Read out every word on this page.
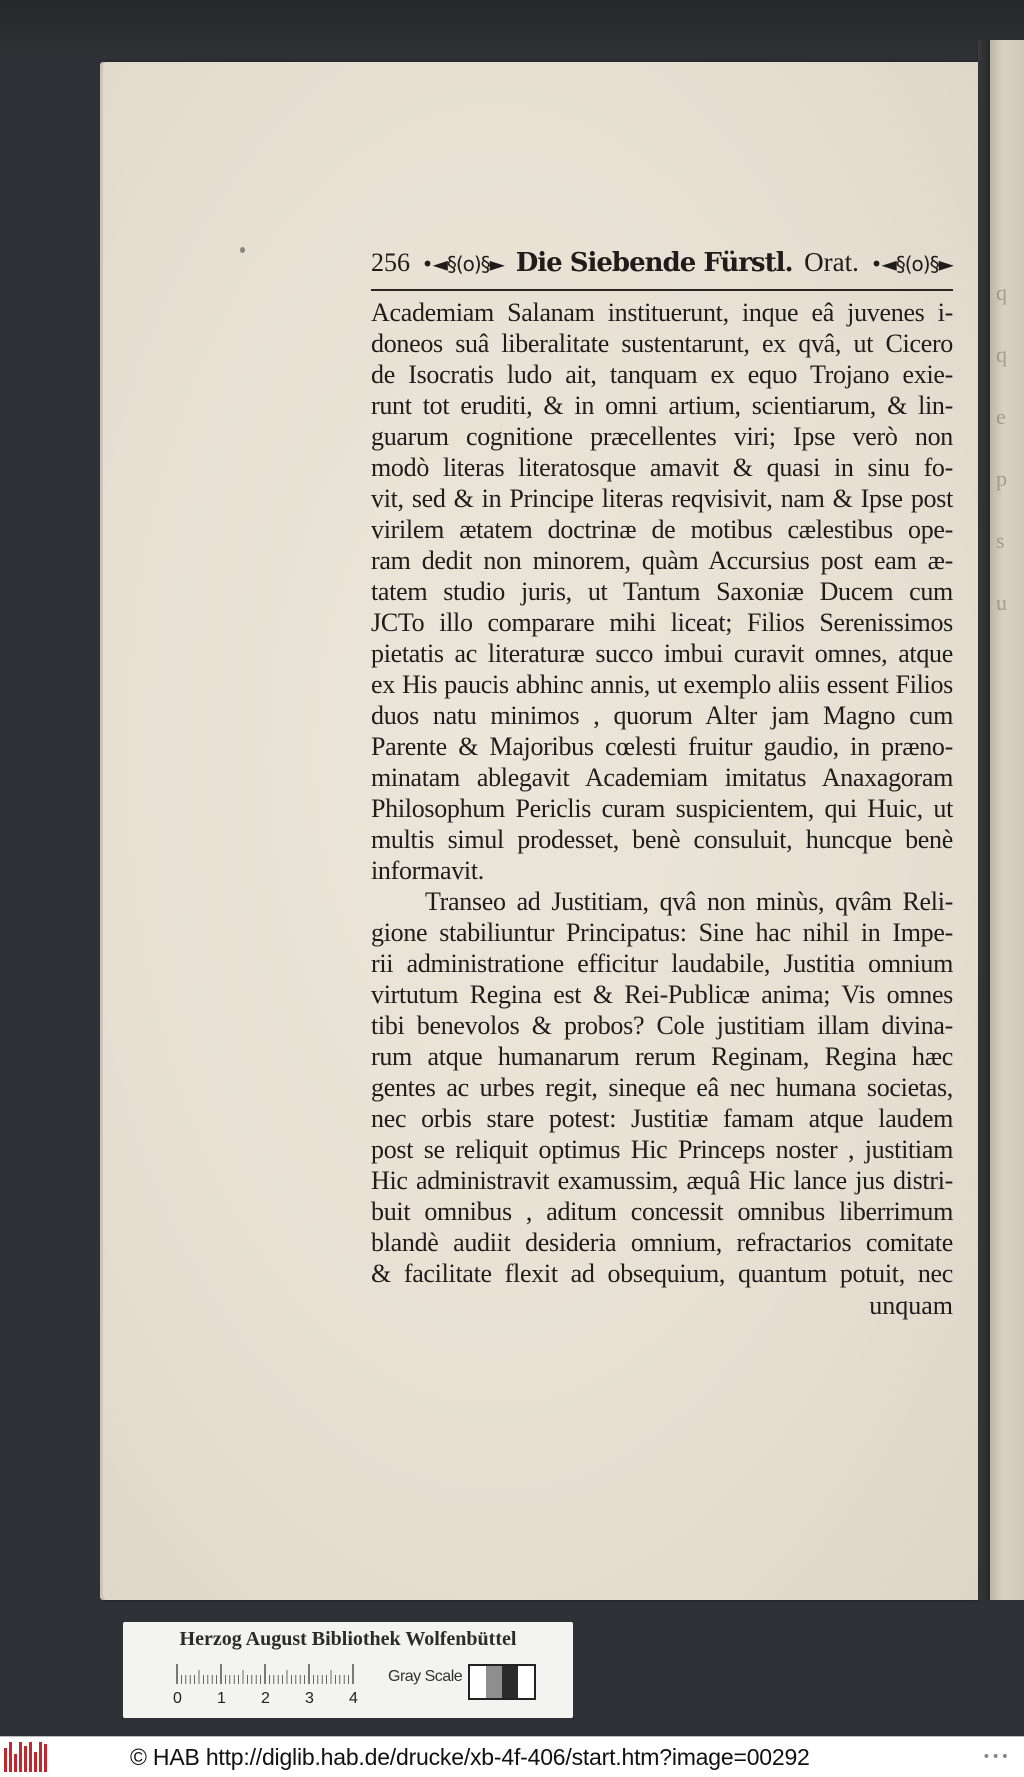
q
q
e
p
s
u
256 •◄§(o)§► Die Siebende Fürstl. Orat. •◄§(o)§►
Academiam Salanam instituerunt, inque eâ juvenes i-
doneos suâ liberalitate sustentarunt, ex qvâ, ut Cicero
de Isocratis ludo ait, tanquam ex equo Trojano exie-
runt tot eruditi, & in omni artium, scientiarum, & lin-
guarum cognitione præcellentes viri; Ipse verò non
modò literas literatosque amavit & quasi in sinu fo-
vit, sed & in Principe literas reqvisivit, nam & Ipse post
virilem ætatem doctrinæ de motibus cælestibus ope-
ram dedit non minorem, quàm Accursius post eam æ-
tatem studio juris, ut Tantum Saxoniæ Ducem cum
JCTo illo comparare mihi liceat; Filios Serenissimos
pietatis ac literaturæ succo imbui curavit omnes, atque
ex His paucis abhinc annis, ut exemplo aliis essent Filios
duos natu minimos , quorum Alter jam Magno cum
Parente & Majoribus cœlesti fruitur gaudio, in præno-
minatam ablegavit Academiam imitatus Anaxagoram
Philosophum Periclis curam suspicientem, qui Huic, ut
multis simul prodesset, benè consuluit, huncque benè
informavit.
Transeo ad Justitiam, qvâ non minùs, qvâm Reli-
gione stabiliuntur Principatus: Sine hac nihil in Impe-
rii administratione efficitur laudabile, Justitia omnium
virtutum Regina est & Rei-Publicæ anima; Vis omnes
tibi benevolos & probos? Cole justitiam illam divina-
rum atque humanarum rerum Reginam, Regina hæc
gentes ac urbes regit, sineque eâ nec humana societas,
nec orbis stare potest: Justitiæ famam atque laudem
post se reliquit optimus Hic Princeps noster , justitiam
Hic administravit examussim, æquâ Hic lance jus distri-
buit omnibus , aditum concessit omnibus liberrimum
blandè audiit desideria omnium, refractarios comitate
& facilitate flexit ad obsequium, quantum potuit, nec
unquam
Herzog August Bibliothek Wolfenbüttel
0 1 2 3 4
Gray Scale
© HAB http://diglib.hab.de/drucke/xb-4f-406/start.htm?image=00292	•••
